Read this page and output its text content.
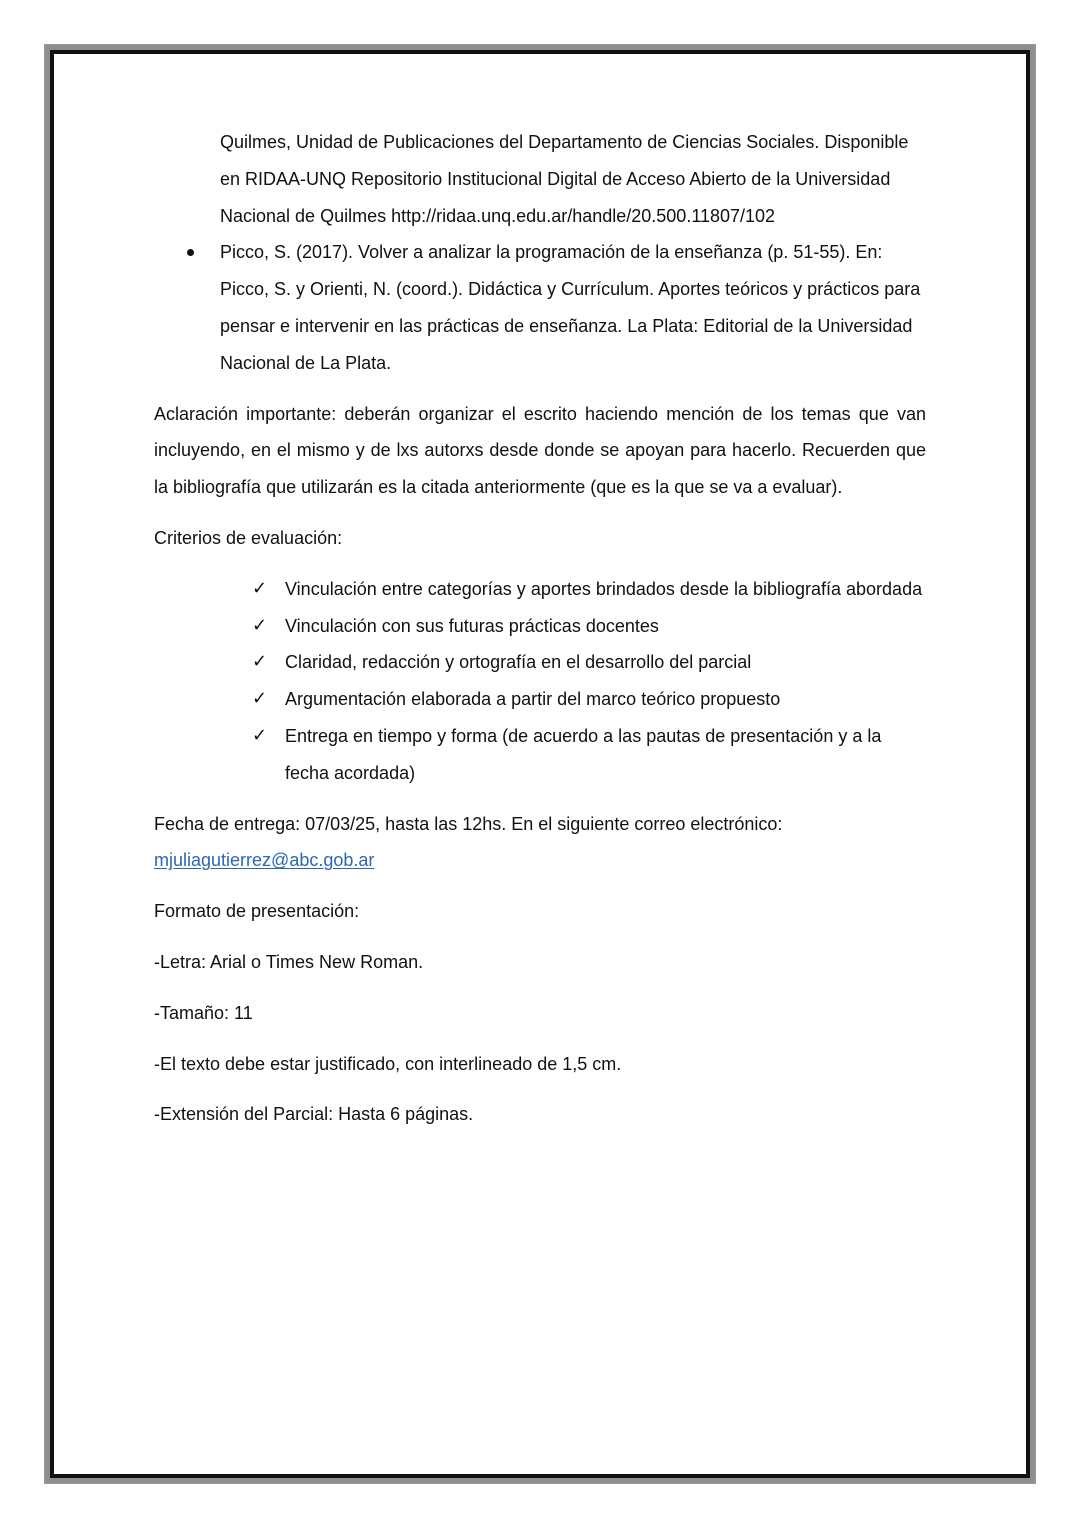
Quilmes, Unidad de Publicaciones del Departamento de Ciencias Sociales. Disponible en RIDAA-UNQ Repositorio Institucional Digital de Acceso Abierto de la Universidad Nacional de Quilmes http://ridaa.unq.edu.ar/handle/20.500.11807/102

Picco, S. (2017). Volver a analizar la programación de la enseñanza (p. 51-55). En: Picco, S. y Orienti, N. (coord.). Didáctica y Currículum. Aportes teóricos y prácticos para pensar e intervenir en las prácticas de enseñanza. La Plata: Editorial de la Universidad Nacional de La Plata.

Aclaración importante: deberán organizar el escrito haciendo mención de los temas que van incluyendo, en el mismo y de lxs autorxs desde donde se apoyan para hacerlo. Recuerden que la bibliografía que utilizarán es la citada anteriormente (que es la que se va a evaluar).

Criterios de evaluación:

✓ Vinculación entre categorías y aportes brindados desde la bibliografía abordada
✓ Vinculación con sus futuras prácticas docentes
✓ Claridad, redacción y ortografía en el desarrollo del parcial
✓ Argumentación elaborada a partir del marco teórico propuesto
✓ Entrega en tiempo y forma (de acuerdo a las pautas de presentación y a la fecha acordada)

Fecha de entrega: 07/03/25, hasta las 12hs. En el siguiente correo electrónico:
mjuliagutierrez@abc.gob.ar

Formato de presentación:

-Letra: Arial o Times New Roman.

-Tamaño: 11

-El texto debe estar justificado, con interlineado de 1,5 cm.

-Extensión del Parcial: Hasta 6 páginas.
